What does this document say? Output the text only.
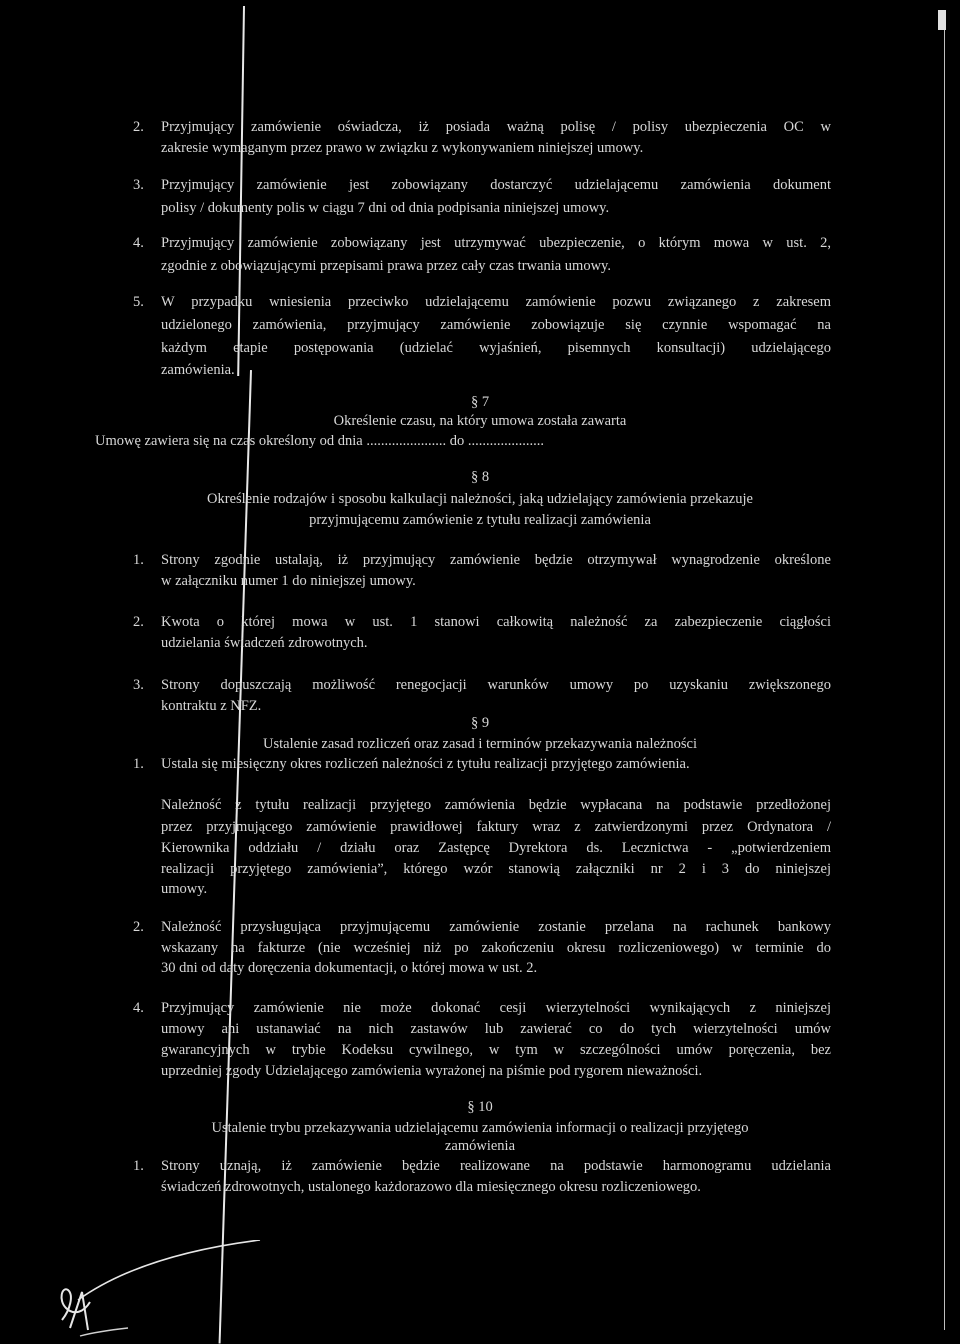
2. Przyjmujący zamówienie oświadcza, iż posiada ważną polisę / polisy ubezpieczenia OC w
zakresie wymaganym przez prawo w związku z wykonywaniem niniejszej umowy.
3. Przyjmujący zamówienie jest zobowiązany dostarczyć udzielającemu zamówienia dokument
polisy / dokumenty polis w ciągu 7 dni od dnia podpisania niniejszej umowy.
4. Przyjmujący zamówienie zobowiązany jest utrzymywać ubezpieczenie, o którym mowa w ust. 2,
zgodnie z obowiązującymi przepisami prawa przez cały czas trwania umowy.
5. W przypadku wniesienia przeciwko udzielającemu zamówienie pozwu związanego z zakresem
udzielonego zamówienia, przyjmujący zamówienie zobowiązuje się czynnie wspomagać na
każdym etapie postępowania (udzielać wyjaśnień, pisemnych konsultacji) udzielającego
zamówienia.
§ 7
Określenie czasu, na który umowa została zawarta
Umowę zawiera się na czas określony od dnia ...................... do .....................
§ 8
Określenie rodzajów i sposobu kalkulacji należności, jaką udzielający zamówienia przekazuje
przyjmującemu zamówienie z tytułu realizacji zamówienia
1. Strony zgodnie ustalają, iż przyjmujący zamówienie będzie otrzymywał wynagrodzenie określone
w załączniku numer 1 do niniejszej umowy.
2. Kwota o której mowa w ust. 1 stanowi całkowitą należność za zabezpieczenie ciągłości
udzielania świadczeń zdrowotnych.
3. Strony dopuszczają możliwość renegocjacji warunków umowy po uzyskaniu zwiększonego
kontraktu z NFZ.
§ 9
Ustalenie zasad rozliczeń oraz zasad i terminów przekazywania należności
1. Ustala się miesięczny okres rozliczeń należności z tytułu realizacji przyjętego zamówienia.
Należność z tytułu realizacji przyjętego zamówienia będzie wypłacana na podstawie przedłożonej
przez przyjmującego zamówienie prawidłowej faktury wraz z zatwierdzonymi przez Ordynatora /
Kierownika oddziału / działu oraz Zastępcę Dyrektora ds. Lecznictwa - „potwierdzeniem
realizacji przyjętego zamówienia”, którego wzór stanowią załączniki nr 2 i 3 do niniejszej
umowy.
2. Należność przysługująca przyjmującemu zamówienie zostanie przelana na rachunek bankowy
wskazany na fakturze (nie wcześniej niż po zakończeniu okresu rozliczeniowego) w terminie do
30 dni od daty doręczenia dokumentacji, o której mowa w ust. 2.
4. Przyjmujący zamówienie nie może dokonać cesji wierzytelności wynikających z niniejszej
umowy ani ustanawiać na nich zastawów lub zawierać co do tych wierzytelności umów
gwarancyjnych w trybie Kodeksu cywilnego, w tym w szczególności umów poręczenia, bez
uprzedniej zgody Udzielającego zamówienia wyrażonej na piśmie pod rygorem nieważności.
§ 10
Ustalenie trybu przekazywania udzielającemu zamówienia informacji o realizacji przyjętego
zamówienia
1. Strony uznają, iż zamówienie będzie realizowane na podstawie harmonogramu udzielania
świadczeń zdrowotnych, ustalonego każdorazowo dla miesięcznego okresu rozliczeniowego.
